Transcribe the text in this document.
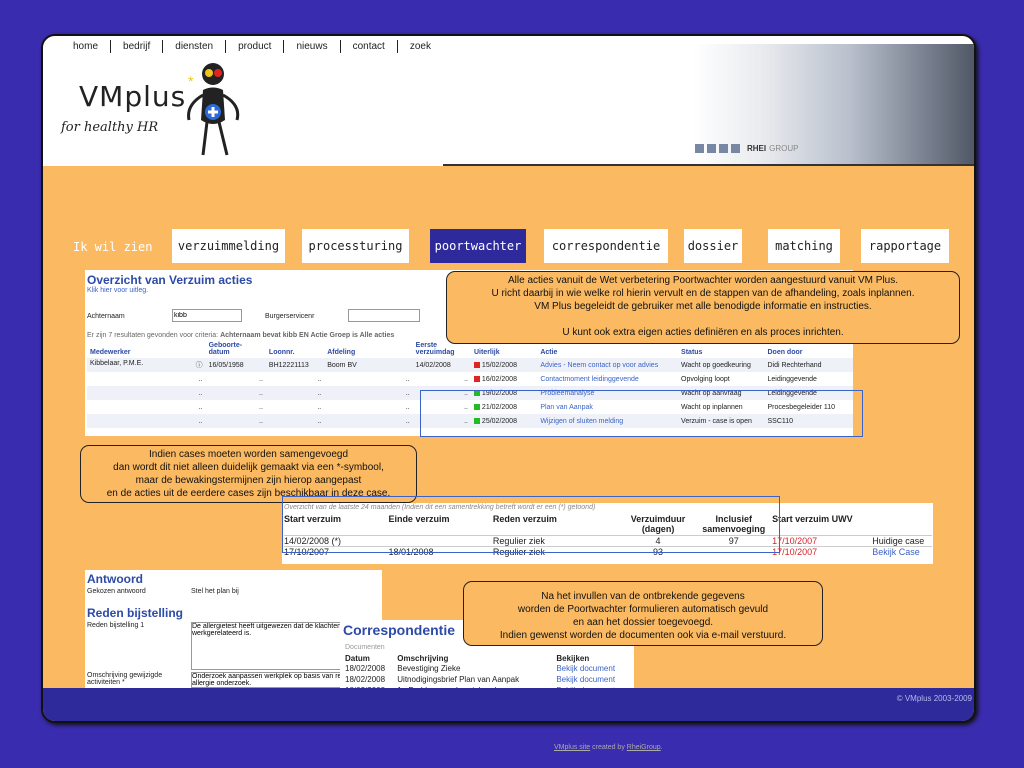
home	bedrijf	diensten	product	nieuws	contact	zoek
VMplus
for healthy HR
*
RHEI GROUP
Ik wil zien	verzuimmelding	processturing	poortwachter	correspondentie	dossier	matching	rapportage
Overzicht van Verzuim acties
Klik hier voor uitleg.
Achternaam
kibb	Burgerservicenr
Er zijn 7 resultaten gevonden voor criteria: Achternaam bevat kibb EN Actie Groep is Alle acties
Medewerker	Geboorte-datum	Loonnr.	Afdeling	Eerste verzuimdag	Uiterlijk	Actie	Status	Doen door
Kibbelaar, P.M.E. ⓘ	16/05/1958	BH12221113	Boom BV	14/02/2008	15/02/2008	Advies - Neem contact op voor advies	Wacht op goedkeuring	Didi Rechterhand
..	..	..	..	..	16/02/2008	Contactmoment leidinggevende	Opvolging loopt	Leidinggevende
..	..	..	..	..	19/02/2008	Probleemanalyse	Wacht op aanvraag	Leidinggevende
..	..	..	..	..	21/02/2008	Plan van Aanpak	Wacht op inplannen	Procesbegeleider 110
..	..	..	..	..	25/02/2008	Wijzigen of sluiten melding	Verzuim - case is open	SSC110
Alle acties vanuit de Wet verbetering Poortwachter worden aangestuurd vanuit VM Plus.
U richt daarbij in wie welke rol hierin vervult en de stappen van de afhandeling, zoals inplannen.
VM Plus begeleidt de gebruiker met alle benodigde informatie en instructies.
U kunt ook extra eigen acties definiëren en als proces inrichten.
Indien cases moeten worden samengevoegd
dan wordt dit niet alleen duidelijk gemaakt via een *-symbool,
maar de bewakingstermijnen zijn hierop aangepast
en de acties uit de eerdere cases zijn beschikbaar in deze case.
Overzicht van de laatste 24 maanden (Indien dit een samentrekking betreft wordt er een (*) getoond)
Start verzuim	Einde verzuim	Reden verzuim	Verzuimduur (dagen)	Inclusief samenvoeging	Start verzuim UWV	
14/02/2008 (*)		Regulier ziek	4	97	17/10/2007	Huidige case
17/10/2007	18/01/2008	Regulier ziek	93		17/10/2007	Bekijk Case
Antwoord
Gekozen antwoord	Stel het plan bij
Reden bijstelling
Reden bijstelling 1
De allergietest heeft uitgewezen dat de klachten werkgerelateerd is.
Omschrijving gewijzigde activiteiten *
Onderzoek aanpassen werkplek op basis van resultaten allergie onderzoek.
Correspondentie
Documenten
Datum	Omschrijving	Bekijken
18/02/2008	Bevestiging Zieke	Bekijk document
18/02/2008	Uitnodigingsbrief Plan van Aanpak	Bekijk document

Na het invullen van de ontbrekende gegevens
worden de Poortwachter formulieren automatisch gevuld
en aan het dossier toegevoegd.
Indien gewenst worden de documenten ook via e-mail verstuurd.
© VMplus 2003-2009
VMplus site created by RheiGroup.
